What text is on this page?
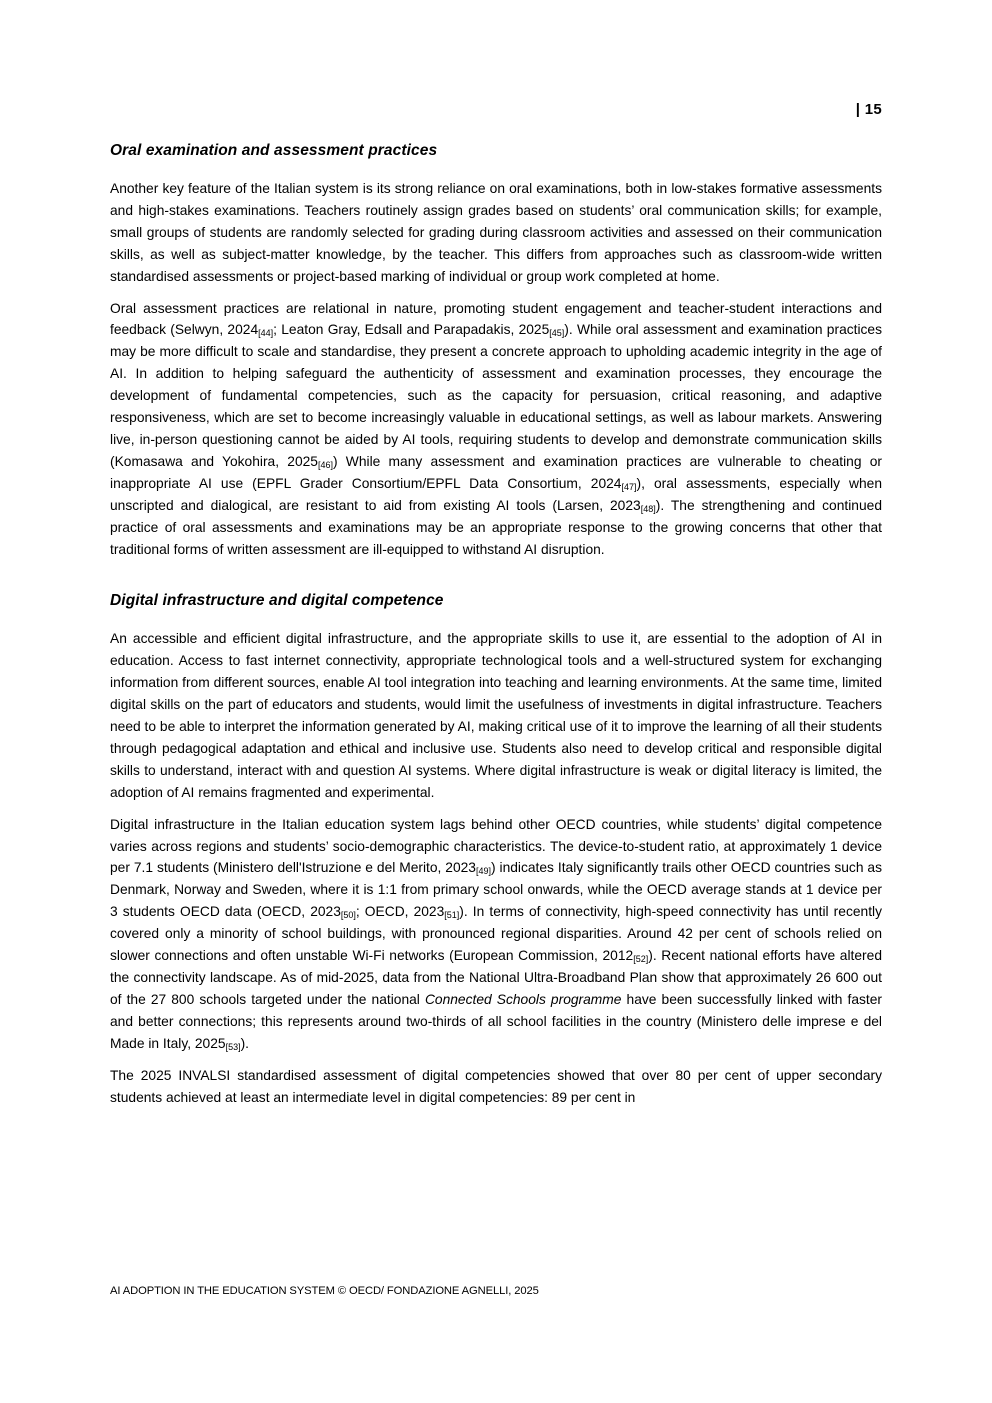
| 15
Oral examination and assessment practices

Another key feature of the Italian system is its strong reliance on oral examinations, both in low-stakes formative assessments and high-stakes examinations. Teachers routinely assign grades based on students’ oral communication skills; for example, small groups of students are randomly selected for grading during classroom activities and assessed on their communication skills, as well as subject-matter knowledge, by the teacher. This differs from approaches such as classroom-wide written standardised assessments or project-based marking of individual or group work completed at home.

Oral assessment practices are relational in nature, promoting student engagement and teacher-student interactions and feedback (Selwyn, $2024_{[44]}$; Leaton Gray, Edsall and Parapadakis, $2025_{[45]}$). While oral assessment and examination practices may be more difficult to scale and standardise, they present a concrete approach to upholding academic integrity in the age of AI. In addition to helping safeguard the authenticity of assessment and examination processes, they encourage the development of fundamental competencies, such as the capacity for persuasion, critical reasoning, and adaptive responsiveness, which are set to become increasingly valuable in educational settings, as well as labour markets. Answering live, in-person questioning cannot be aided by AI tools, requiring students to develop and demonstrate communication skills (Komasawa and Yokohira, $2025_{[46]}$) While many assessment and examination practices are vulnerable to cheating or inappropriate AI use (EPFL Grader Consortium/EPFL Data Consortium, $2024_{[47]}$), oral assessments, especially when unscripted and dialogical, are resistant to aid from existing AI tools (Larsen, $2023_{[48]}$). The strengthening and continued practice of oral assessments and examinations may be an appropriate response to the growing concerns that other that traditional forms of written assessment are ill-equipped to withstand AI disruption.

Digital infrastructure and digital competence

An accessible and efficient digital infrastructure, and the appropriate skills to use it, are essential to the adoption of AI in education. Access to fast internet connectivity, appropriate technological tools and a well-structured system for exchanging information from different sources, enable AI tool integration into teaching and learning environments. At the same time, limited digital skills on the part of educators and students, would limit the usefulness of investments in digital infrastructure. Teachers need to be able to interpret the information generated by AI, making critical use of it to improve the learning of all their students through pedagogical adaptation and ethical and inclusive use. Students also need to develop critical and responsible digital skills to understand, interact with and question AI systems. Where digital infrastructure is weak or digital literacy is limited, the adoption of AI remains fragmented and experimental.

Digital infrastructure in the Italian education system lags behind other OECD countries, while students’ digital competence varies across regions and students’ socio-demographic characteristics. The device-to-student ratio, at approximately 1 device per 7.1 students (Ministero dell'Istruzione e del Merito, $2023_{[49]}$) indicates Italy significantly trails other OECD countries such as Denmark, Norway and Sweden, where it is 1:1 from primary school onwards, while the OECD average stands at 1 device per 3 students OECD data (OECD, $2023_{[50]}$; OECD, $2023_{[51]}$). In terms of connectivity, high-speed connectivity has until recently covered only a minority of school buildings, with pronounced regional disparities. Around 42 per cent of schools relied on slower connections and often unstable Wi-Fi networks (European Commission, $2012_{[52]}$). Recent national efforts have altered the connectivity landscape. As of mid-2025, data from the National Ultra-Broadband Plan show that approximately 26 600 out of the 27 800 schools targeted under the national Connected Schools programme have been successfully linked with faster and better connections; this represents around two-thirds of all school facilities in the country (Ministero delle imprese e del Made in Italy, $2025_{[53]}$).

The 2025 INVALSI standardised assessment of digital competencies showed that over 80 per cent of upper secondary students achieved at least an intermediate level in digital competencies: 89 per cent in

AI ADOPTION IN THE EDUCATION SYSTEM © OECD/ FONDAZIONE AGNELLI, 2025
